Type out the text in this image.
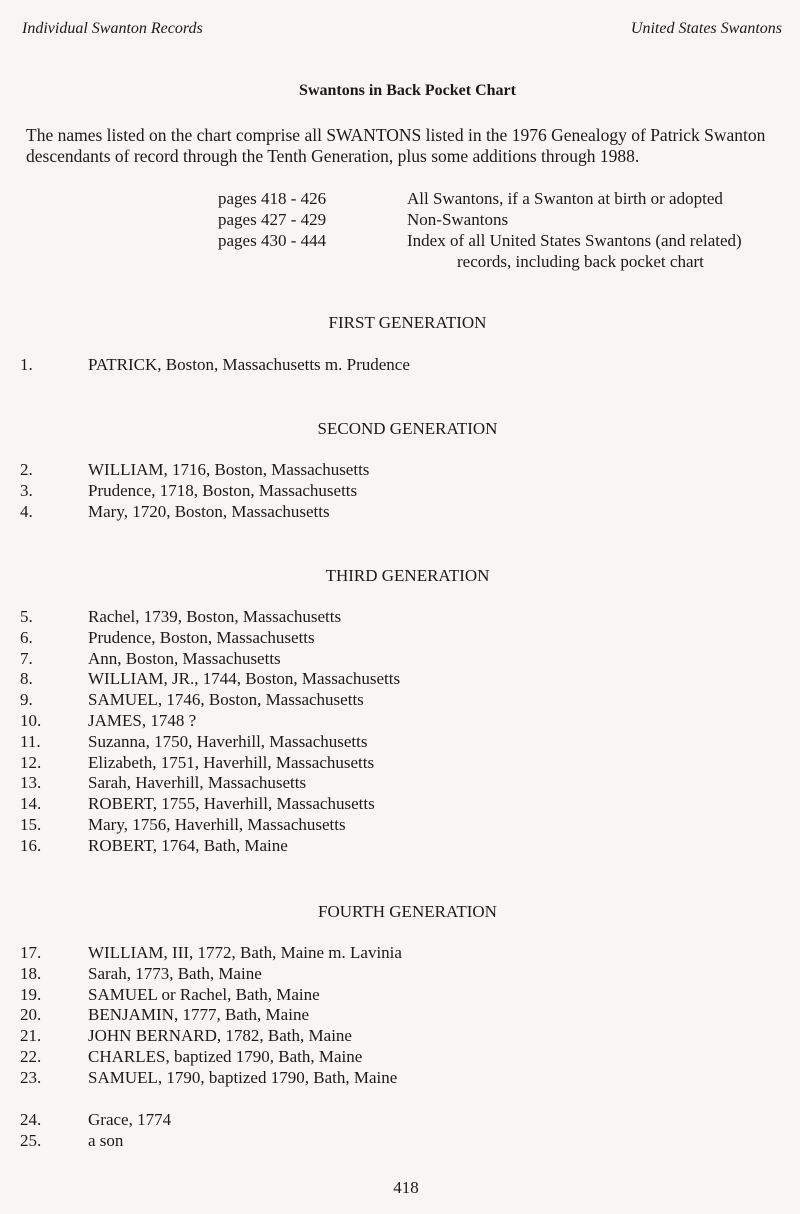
Individual Swanton Records	United States Swantons
Swantons in Back Pocket Chart
The names listed on the chart comprise all SWANTONS listed in the 1976 Genealogy of Patrick Swanton descendants of record through the Tenth Generation, plus some additions through 1988.
pages 418 - 426	All Swantons, if a Swanton at birth or adopted
pages 427 - 429	Non-Swantons
pages 430 - 444	Index of all United States Swantons (and related)
records, including back pocket chart
FIRST GENERATION
1.	PATRICK, Boston, Massachusetts m. Prudence
SECOND GENERATION
2.	WILLIAM, 1716, Boston, Massachusetts
3.	Prudence, 1718, Boston, Massachusetts
4.	Mary, 1720, Boston, Massachusetts
THIRD GENERATION
5.	Rachel, 1739, Boston, Massachusetts
6.	Prudence, Boston, Massachusetts
7.	Ann, Boston, Massachusetts
8.	WILLIAM, JR., 1744, Boston, Massachusetts
9.	SAMUEL, 1746, Boston, Massachusetts
10.	JAMES, 1748 ?
11.	Suzanna, 1750, Haverhill, Massachusetts
12.	Elizabeth, 1751, Haverhill, Massachusetts
13.	Sarah, Haverhill, Massachusetts
14.	ROBERT, 1755, Haverhill, Massachusetts
15.	Mary, 1756, Haverhill, Massachusetts
16.	ROBERT, 1764, Bath, Maine
FOURTH GENERATION
17.	WILLIAM, III, 1772, Bath, Maine m. Lavinia
18.	Sarah, 1773, Bath, Maine
19.	SAMUEL or Rachel, Bath, Maine
20.	BENJAMIN, 1777, Bath, Maine
21.	JOHN BERNARD, 1782, Bath, Maine
22.	CHARLES, baptized 1790, Bath, Maine
23.	SAMUEL, 1790, baptized 1790, Bath, Maine
24.	Grace, 1774
25.	a son
418
